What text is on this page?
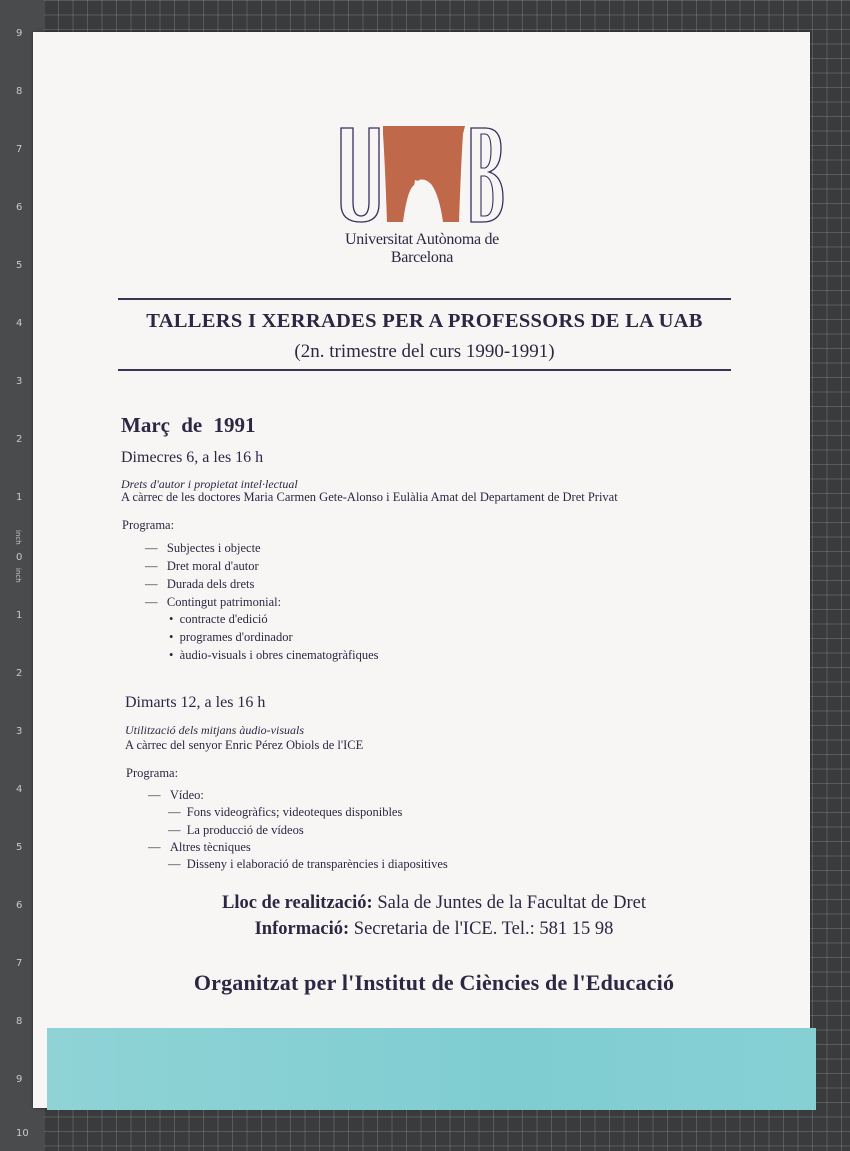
9
8
7
6
5
4
3
2
1
inch
0
inch
1
2
3
4
5
6
7
8
9
10
Universitat Autònoma de Barcelona
TALLERS I XERRADES PER A PROFESSORS DE LA UAB
(2n. trimestre del curs 1990-1991)
Març de 1991
Dimecres 6, a les 16 h
Drets d'autor i propietat intel·lectual
A càrrec de les doctores Maria Carmen Gete-Alonso i Eulàlia Amat del Departament de Dret Privat
Programa:
— Subjectes i objecte
— Dret moral d'autor
— Durada dels drets
— Contingut patrimonial:
• contracte d'edició
• programes d'ordinador
• àudio-visuals i obres cinematogràfiques
Dimarts 12, a les 16 h
Utilització dels mitjans àudio-visuals
A càrrec del senyor Enric Pérez Obiols de l'ICE
Programa:
— Vídeo:
— Fons videogràfics; videoteques disponibles
— La producció de vídeos
— Altres tècniques
— Disseny i elaboració de transparències i diapositives
Lloc de realització: Sala de Juntes de la Facultat de Dret
Informació: Secretaria de l'ICE. Tel.: 581 15 98
Organitzat per l'Institut de Ciències de l'Educació
